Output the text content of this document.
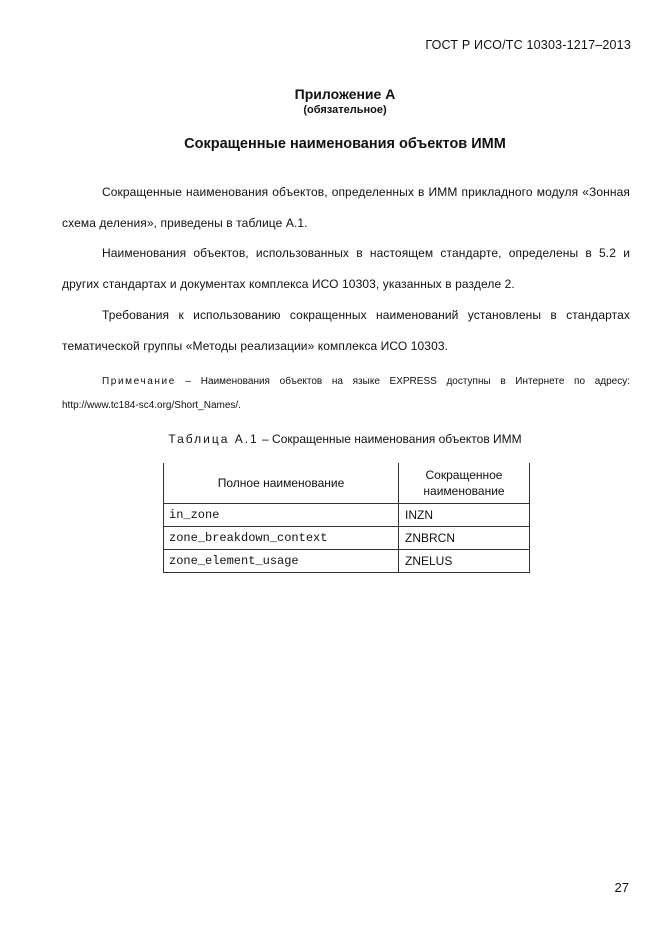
ГОСТ Р ИСО/ТС 10303-1217–2013
Приложение А
(обязательное)
Сокращенные наименования объектов ИММ
Сокращенные наименования объектов, определенных в ИММ прикладного модуля «Зонная схема деления», приведены в таблице А.1.
Наименования объектов, использованных в настоящем стандарте, определены в 5.2 и других стандартах и документах комплекса ИСО 10303, указанных в разделе 2.
Требования к использованию сокращенных наименований установлены в стандартах тематической группы «Методы реализации» комплекса ИСО 10303.
Примечание – Наименования объектов на языке EXPRESS доступны в Интернете по адресу: http://www.tc184-sc4.org/Short_Names/.
Таблица А.1 – Сокращенные наименования объектов ИММ
Полное наименование	Сокращенное наименование
in_zone	INZN
zone_breakdown_context	ZNBRCN
zone_element_usage	ZNELUS
27
